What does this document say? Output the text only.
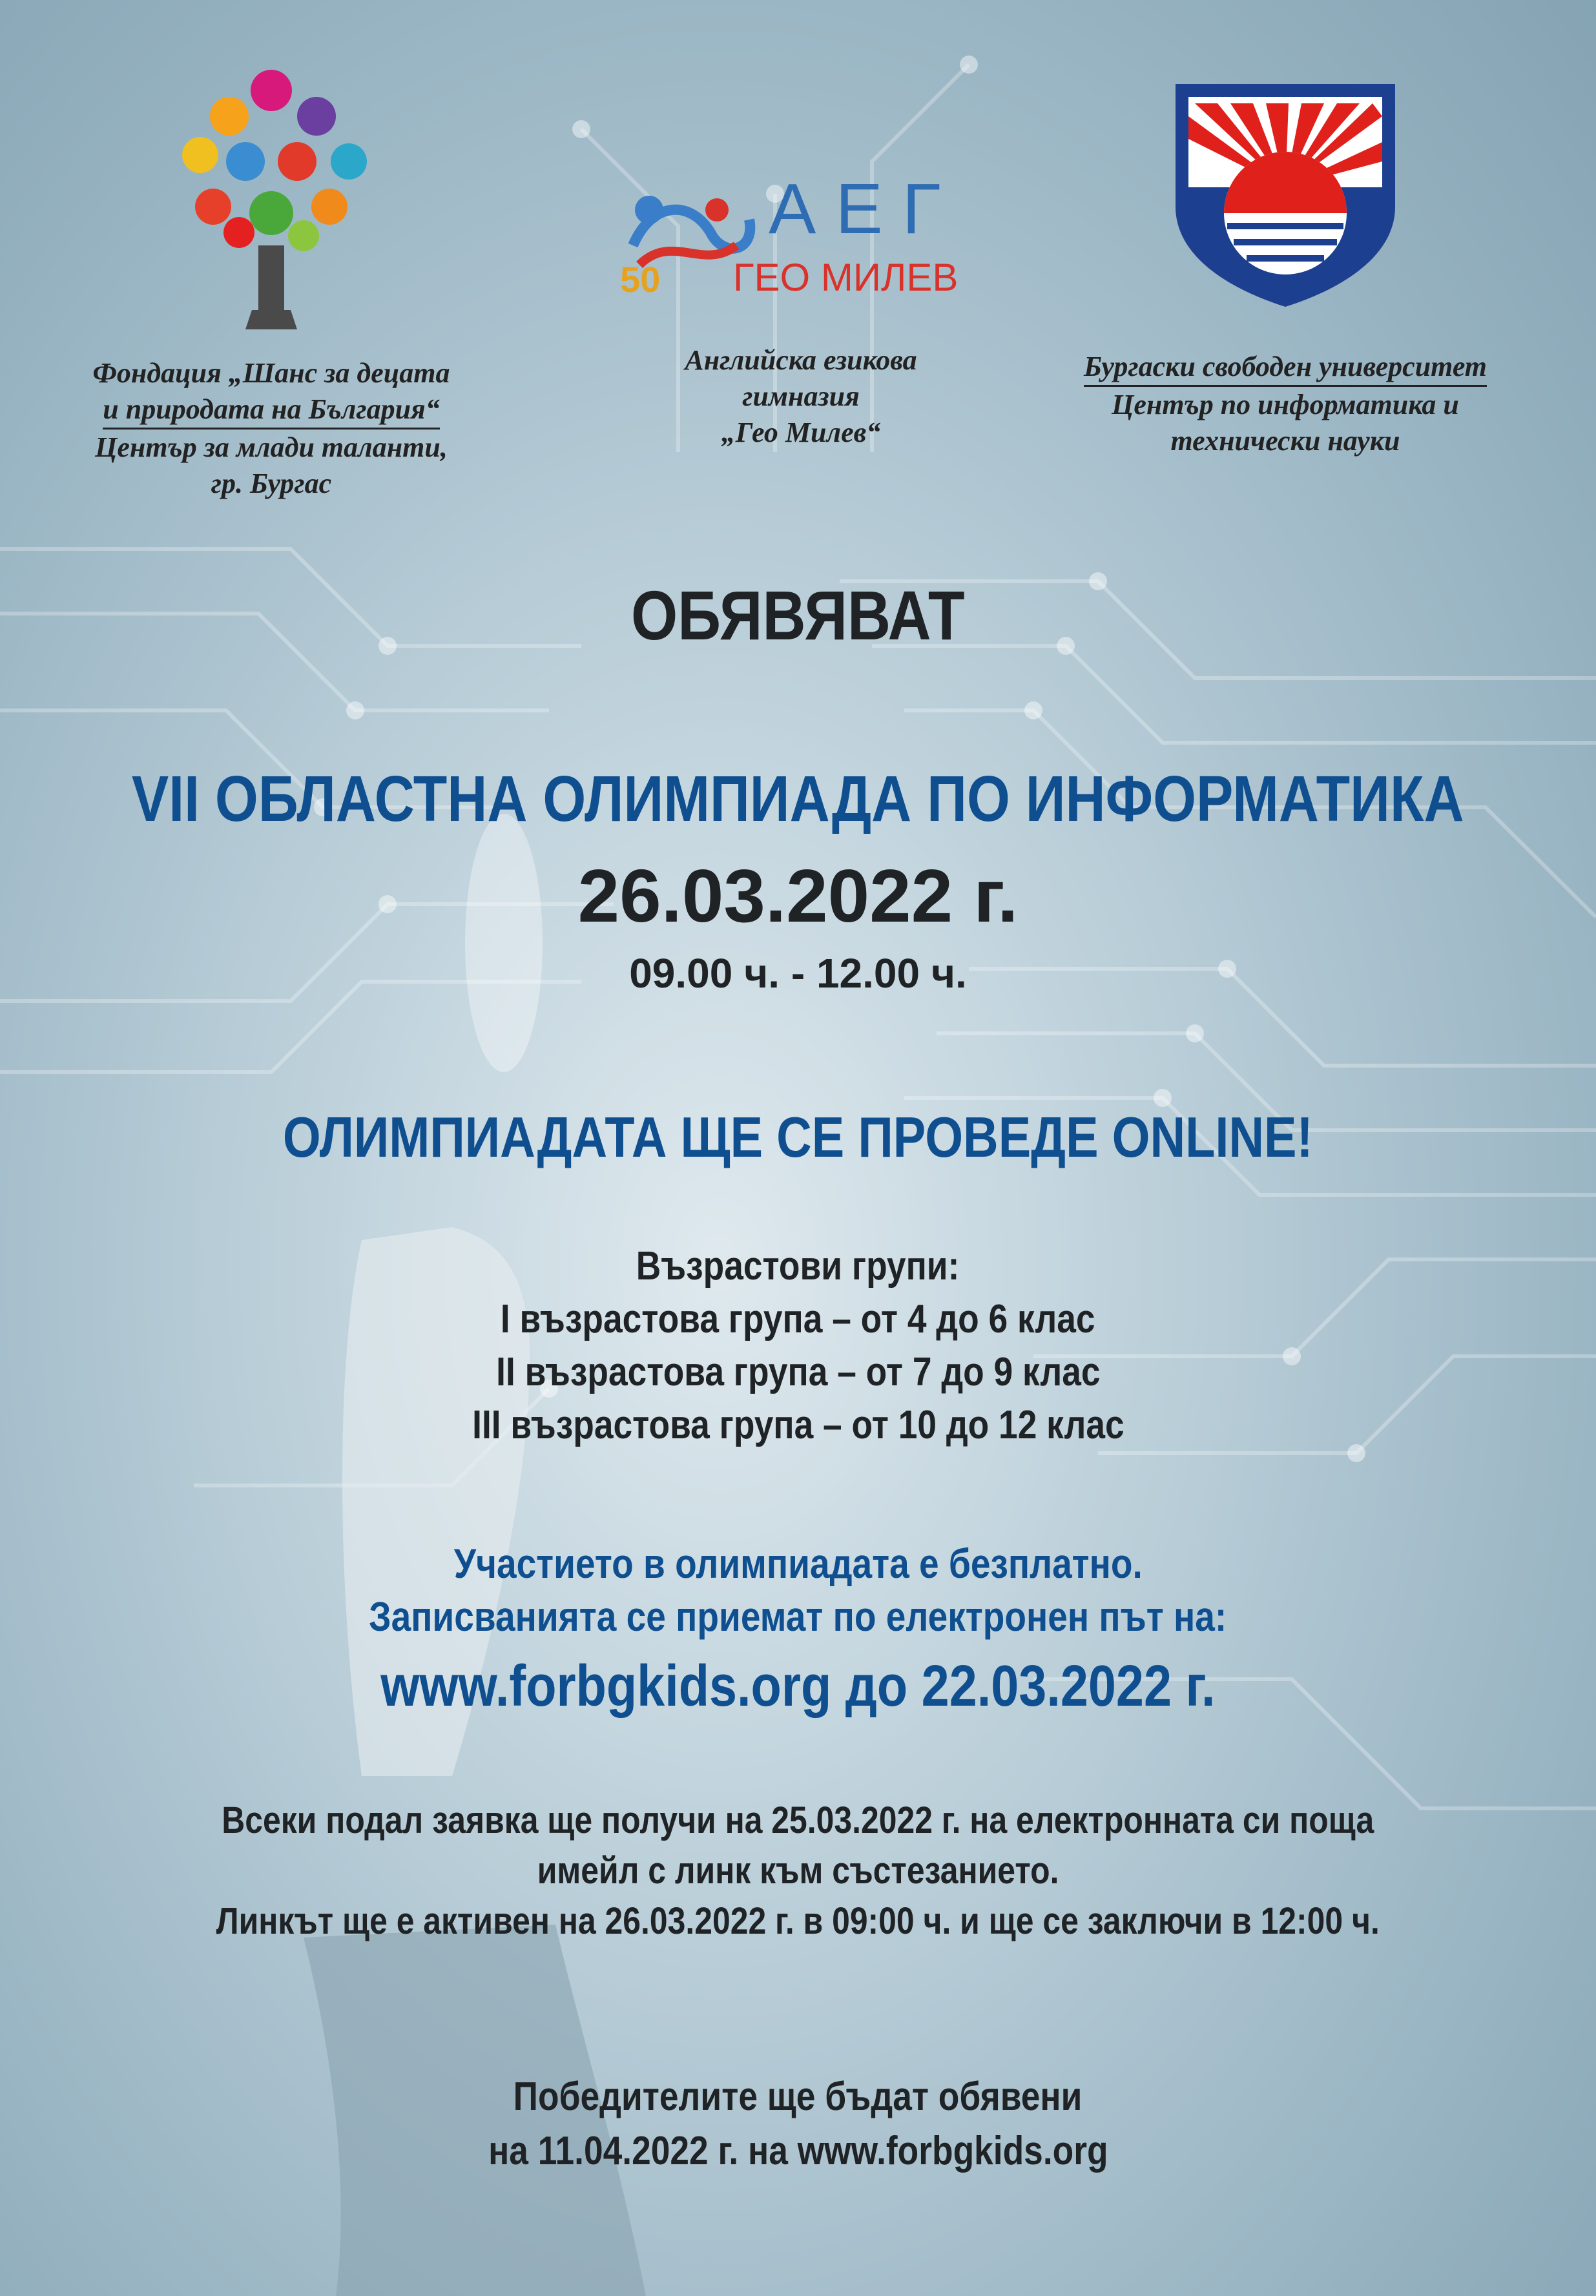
Фондация „Шанс за децата
и природата на България“
Център за млади таланти,
гр. Бургас
50
АЕГ
ГЕО МИЛЕВ
Английска езикова
гимназия
„Гео Милев“
Бургаски свободен университет
Център по информатика и
технически науки
ОБЯВЯВАТ
VII ОБЛАСТНА ОЛИМПИАДА ПО ИНФОРМАТИКА
26.03.2022 г.
09.00 ч. - 12.00 ч.
ОЛИМПИАДАТА ЩЕ СЕ ПРОВЕДЕ ONLINE!
Възрастови групи:
I възрастова група – от 4 до 6 клас
II възрастова група – от 7 до 9 клас
III възрастова група – от 10 до 12 клас
Участието в олимпиадата е безплатно.
Записванията се приемат по електронен път на:
www.forbgkids.org до 22.03.2022 г.
Всеки подал заявка ще получи на 25.03.2022 г. на електронната си поща
имейл с линк към състезанието.
Линкът ще е активен на 26.03.2022 г. в 09:00 ч. и ще се заключи в 12:00 ч.
Победителите ще бъдат обявени
на 11.04.2022 г. на www.forbgkids.org
